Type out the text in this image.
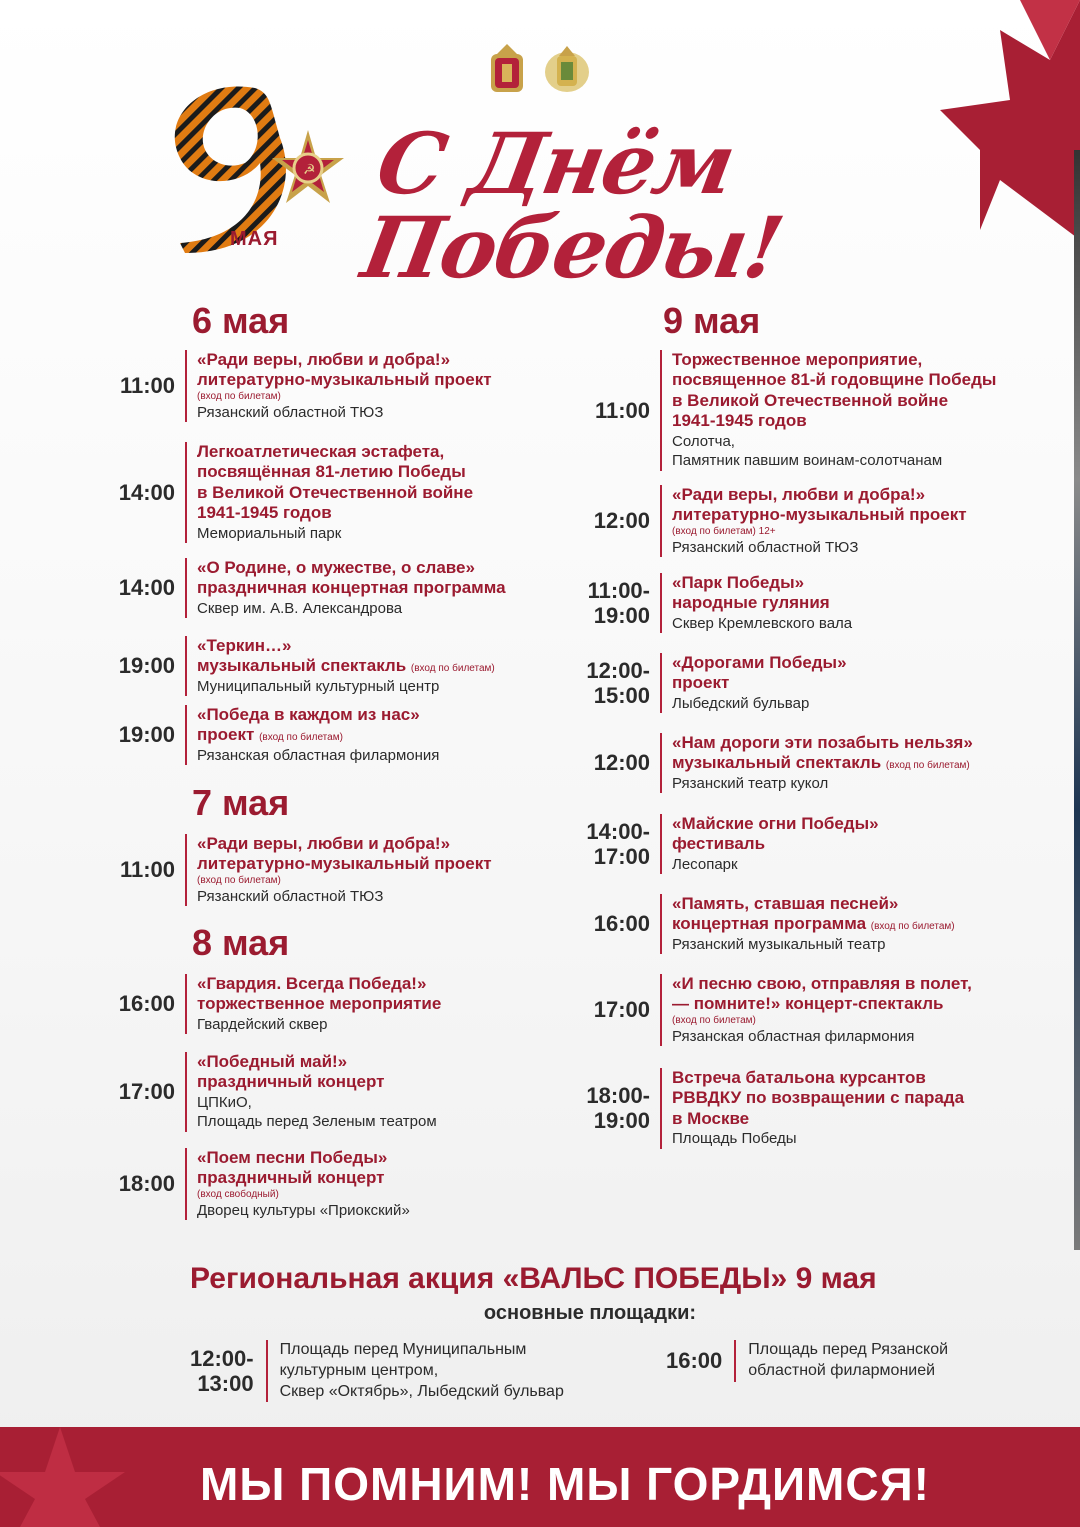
☭
МАЯ
С Днём Победы!
6 мая
11:00
«Ради веры, любви и добра!»
литературно-музыкальный проект
(вход по билетам)
Рязанский областной ТЮЗ
14:00
Легкоатлетическая эстафета,
посвящённая 81-летию Победы
в Великой Отечественной войне
1941-1945 годов
Мемориальный парк
14:00
«О Родине, о мужестве, о славе»
праздничная концертная программа
Сквер им. А.В. Александрова
19:00
«Теркин…»
музыкальный спектакль (вход по билетам)
Муниципальный культурный центр
19:00
«Победа в каждом из нас»
проект (вход по билетам)
Рязанская областная филармония
7 мая
11:00
«Ради веры, любви и добра!»
литературно-музыкальный проект
(вход по билетам)
Рязанский областной ТЮЗ
8 мая
16:00
«Гвардия. Всегда Победа!»
торжественное мероприятие
Гвардейский сквер
17:00
«Победный май!»
праздничный концерт
ЦПКиО,
Площадь перед Зеленым театром
18:00
«Поем песни Победы»
праздничный концерт
(вход свободный)
Дворец культуры «Приокский»
9 мая
11:00
Торжественное мероприятие,
посвященное 81-й годовщине Победы
в Великой Отечественной войне
1941-1945 годов
Солотча,
Памятник павшим воинам-солотчанам
12:00
«Ради веры, любви и добра!»
литературно-музыкальный проект
(вход по билетам) 12+
Рязанский областной ТЮЗ
11:00-
19:00
«Парк Победы»
народные гуляния
Сквер Кремлевского вала
12:00-
15:00
«Дорогами Победы»
проект
Лыбедский бульвар
12:00
«Нам дороги эти позабыть нельзя»
музыкальный спектакль (вход по билетам)
Рязанский театр кукол
14:00-
17:00
«Майские огни Победы»
фестиваль
Лесопарк
16:00
«Память, ставшая песней»
концертная программа (вход по билетам)
Рязанский музыкальный театр
17:00
«И песню свою, отправляя в полет,
— помните!» концерт-спектакль
(вход по билетам)
Рязанская областная филармония
18:00-
19:00
Встреча батальона курсантов
РВВДКУ по возвращении с парада
в Москве
Площадь Победы
Региональная акция «ВАЛЬС ПОБЕДЫ» 9 мая
основные площадки:
12:00-
13:00
Площадь перед Муниципальным
культурным центром,
Сквер «Октябрь», Лыбедский бульвар
16:00	Площадь перед Рязанской
областной филармонией
МЫ ПОМНИМ! МЫ ГОРДИМСЯ!
